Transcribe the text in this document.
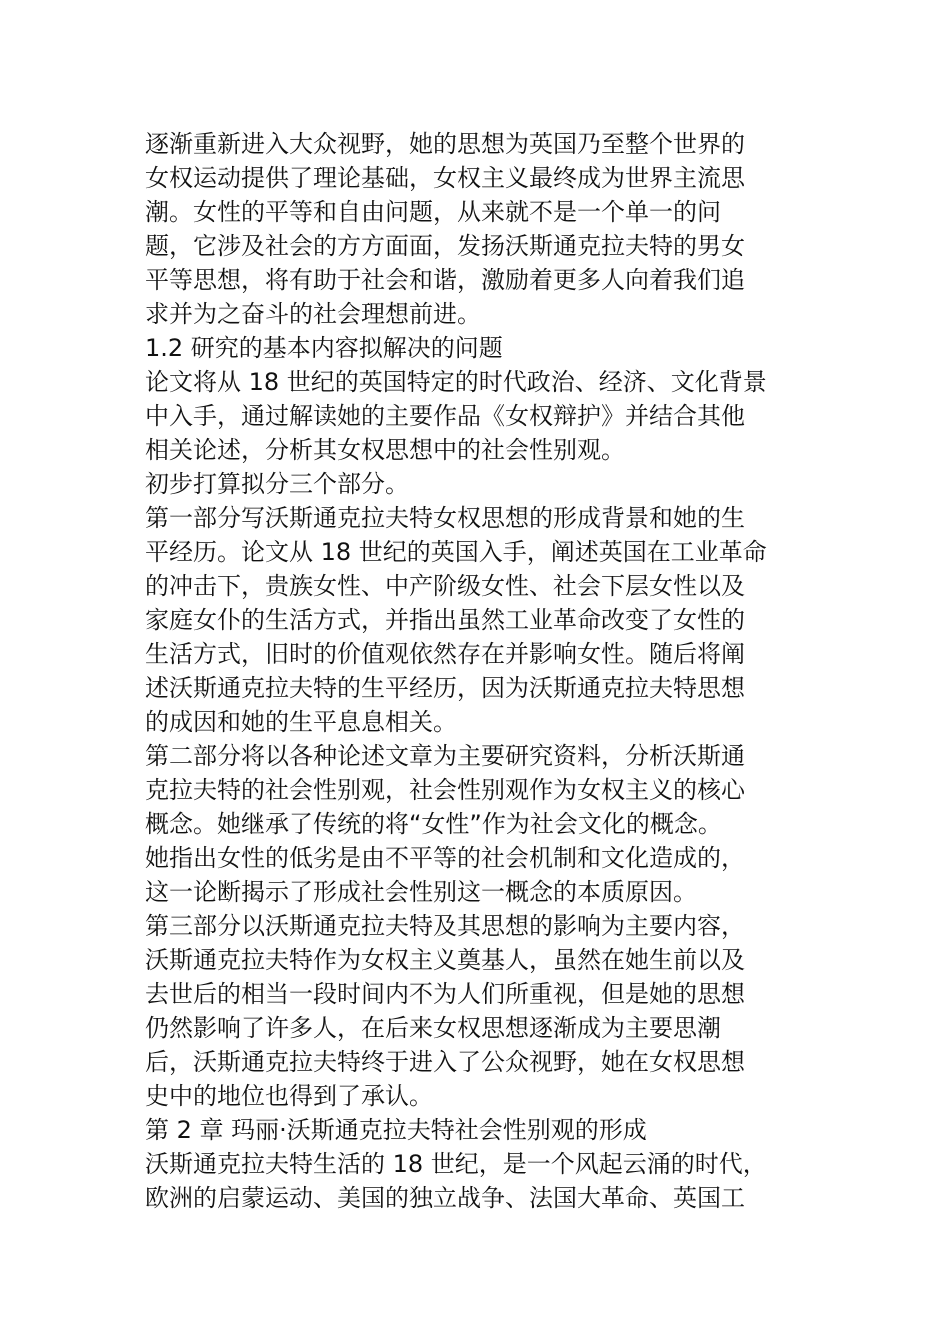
逐渐重新进入大众视野，她的思想为英国乃至整个世界的
女权运动提供了理论基础，女权主义最终成为世界主流思
潮。女性的平等和自由问题，从来就不是一个单一的问
题，它涉及社会的方方面面，发扬沃斯通克拉夫特的男女
平等思想，将有助于社会和谐，激励着更多人向着我们追
求并为之奋斗的社会理想前进。
1.2 研究的基本内容拟解决的问题
论文将从 18 世纪的英国特定的时代政治、经济、文化背景
中入手，通过解读她的主要作品《女权辩护》并结合其他
相关论述，分析其女权思想中的社会性别观。
初步打算拟分三个部分。
第一部分写沃斯通克拉夫特女权思想的形成背景和她的生
平经历。论文从 18 世纪的英国入手，阐述英国在工业革命
的冲击下，贵族女性、中产阶级女性、社会下层女性以及
家庭女仆的生活方式，并指出虽然工业革命改变了女性的
生活方式，旧时的价值观依然存在并影响女性。随后将阐
述沃斯通克拉夫特的生平经历，因为沃斯通克拉夫特思想
的成因和她的生平息息相关。
第二部分将以各种论述文章为主要研究资料，分析沃斯通
克拉夫特的社会性别观，社会性别观作为女权主义的核心
概念。她继承了传统的将“女性”作为社会文化的概念。
她指出女性的低劣是由不平等的社会机制和文化造成的，
这一论断揭示了形成社会性别这一概念的本质原因。
第三部分以沃斯通克拉夫特及其思想的影响为主要内容，
沃斯通克拉夫特作为女权主义奠基人，虽然在她生前以及
去世后的相当一段时间内不为人们所重视，但是她的思想
仍然影响了许多人，在后来女权思想逐渐成为主要思潮
后，沃斯通克拉夫特终于进入了公众视野，她在女权思想
史中的地位也得到了承认。
第 2 章 玛丽·沃斯通克拉夫特社会性别观的形成
沃斯通克拉夫特生活的 18 世纪，是一个风起云涌的时代，
欧洲的启蒙运动、美国的独立战争、法国大革命、英国工
